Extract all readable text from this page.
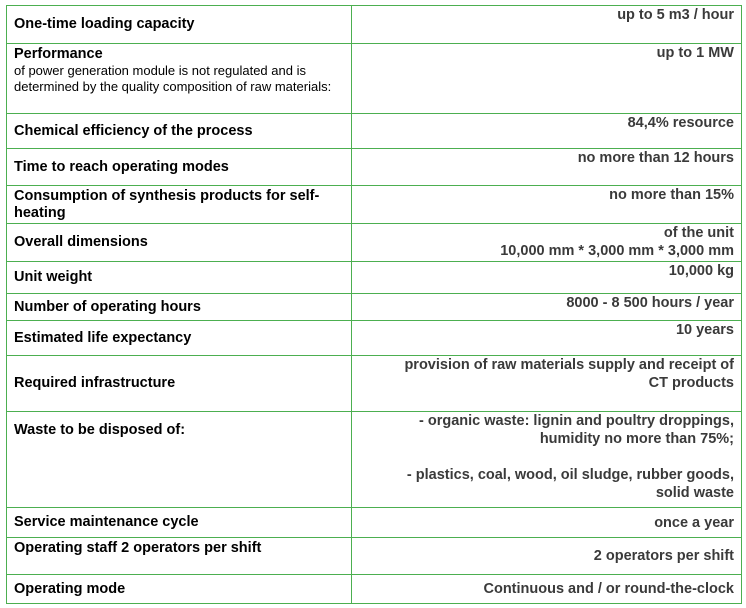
One-time loading capacity	up to 5 m3 / hour

Performance
of power generation module is not regulated and is determined by the quality composition of raw materials:	up to 1 MW
Chemical efficiency of the process	84,4% resource
Time to reach operating modes	no more than 12 hours
Consumption of synthesis products for self- heating	no more than 15%
Overall dimensions	of the unit
10,000 mm * 3,000 mm * 3,000 mm

Unit weight	10,000 kg
Number of operating hours	8000 - 8 500 hours / year
Estimated life expectancy	10 years
Required infrastructure	provision of raw materials supply and receipt of
CT products

Waste to be disposed of:	- organic waste: lignin and poultry droppings,
humidity no more than 75%;
- plastics, coal, wood, oil sludge, rubber goods,
solid waste

Service maintenance cycle	once a year
Operating staff 2 operators per shift	2 operators per shift
Operating mode	Continuous and / or round-the-clock
